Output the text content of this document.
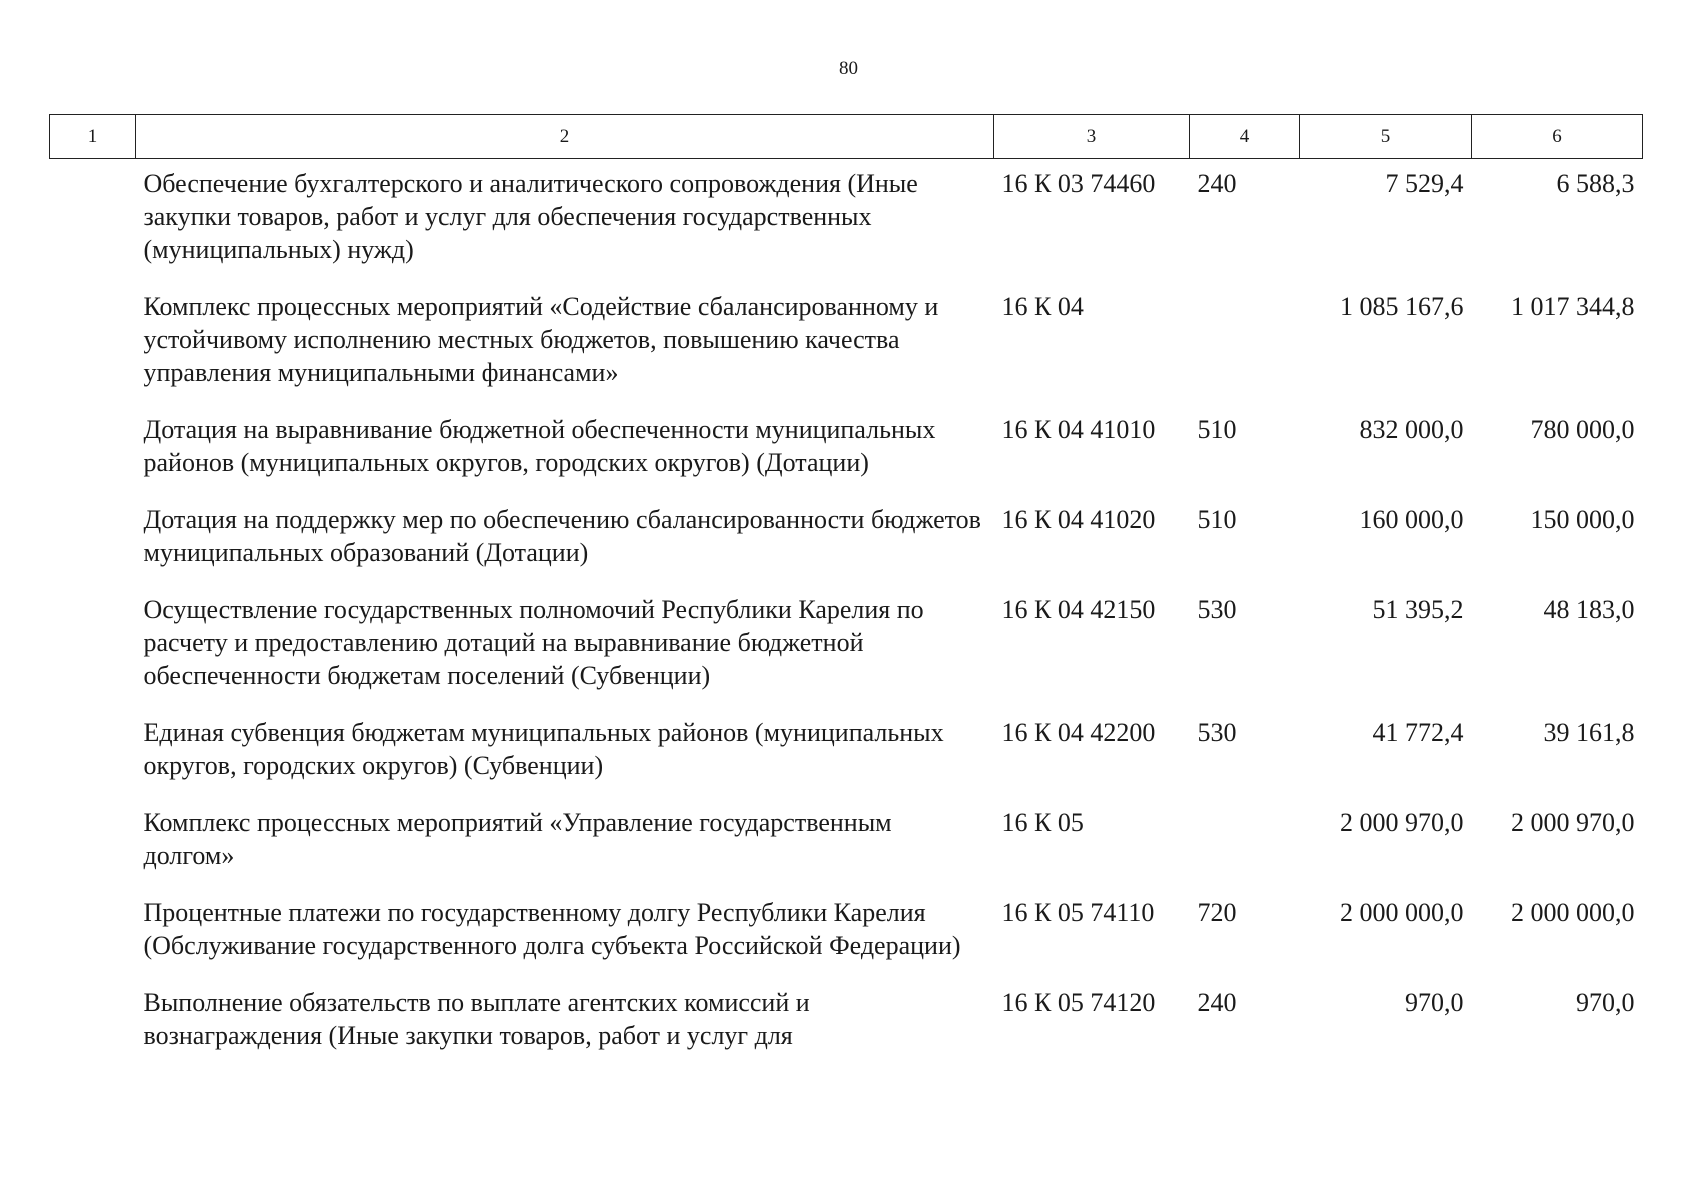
80
1	2	3	4	5	6
	Обеспечение бухгалтерского и аналитического сопровождения (Иные закупки товаров, работ и услуг для обеспечения государственных (муниципальных) нужд)	16 К 03 74460	240	7 529,4	6 588,3
	Комплекс процессных мероприятий «Содействие сбалансированному и устойчивому исполнению местных бюджетов, повышению качества управления муниципальными финансами»	16 К 04		1 085 167,6	1 017 344,8
	Дотация на выравнивание бюджетной обеспеченности муниципальных районов (муниципальных округов, городских округов) (Дотации)	16 К 04 41010	510	832 000,0	780 000,0
	Дотация на поддержку мер по обеспечению сбалансированности бюджетов муниципальных образований (Дотации)	16 К 04 41020	510	160 000,0	150 000,0
	Осуществление государственных полномочий Республики Карелия по расчету и предоставлению дотаций на выравнивание бюджетной обеспеченности бюджетам поселений (Субвенции)	16 К 04 42150	530	51 395,2	48 183,0
	Единая субвенция бюджетам муниципальных районов (муниципальных округов, городских округов) (Субвенции)	16 К 04 42200	530	41 772,4	39 161,8
	Комплекс процессных мероприятий «Управление государственным долгом»	16 К 05		2 000 970,0	2 000 970,0
	Процентные платежи по государственному долгу Республики Карелия (Обслуживание государственного долга субъекта Российской Федерации)	16 К 05 74110	720	2 000 000,0	2 000 000,0
	Выполнение обязательств по выплате агентских комиссий и вознаграждения (Иные закупки товаров, работ и услуг для	16 К 05 74120	240	970,0	970,0
